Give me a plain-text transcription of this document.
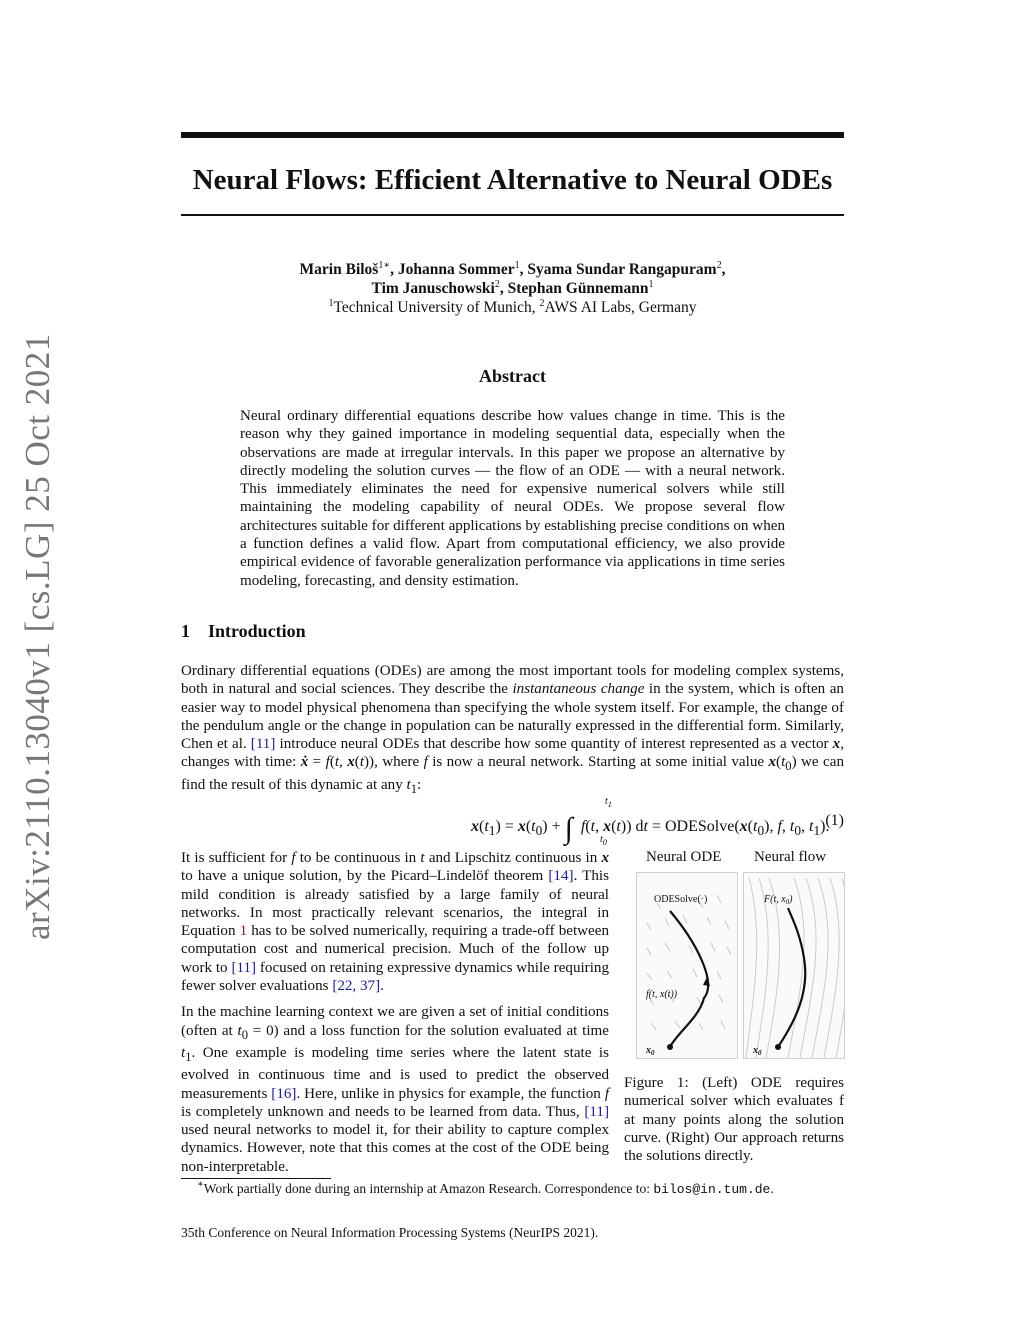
arXiv:2110.13040v1 [cs.LG] 25 Oct 2021
Neural Flows: Efficient Alternative to Neural ODEs
Marin Biloš$^{1∗}$, Johanna Sommer$^1$, Syama Sundar Rangapuram$^2$,
Tim Januschowski$^2$, Stephan Günnemann$^1$
$^1$Technical University of Munich, $^2$AWS AI Labs, Germany
Abstract
Neural ordinary differential equations describe how values change in time. This is the reason why they gained importance in modeling sequential data, especially when the observations are made at irregular intervals. In this paper we propose an alternative by directly modeling the solution curves — the flow of an ODE — with a neural network. This immediately eliminates the need for expensive numerical solvers while still maintaining the modeling capability of neural ODEs. We propose several flow architectures suitable for different applications by establishing precise conditions on when a function defines a valid flow. Apart from computational efficiency, we also provide empirical evidence of favorable generalization performance via applications in time series modeling, forecasting, and density estimation.
1 Introduction
Ordinary differential equations (ODEs) are among the most important tools for modeling complex systems, both in natural and social sciences. They describe the instantaneous change in the system, which is often an easier way to model physical phenomena than specifying the whole system itself. For example, the change of the pendulum angle or the change in population can be naturally expressed in the differential form. Similarly, Chen et al. [11] introduce neural ODEs that describe how some quantity of interest represented as a vector x, changes with time: ẋ = f(t, x(t)), where f is now a neural network. Starting at some initial value $x(t_0)$ we can find the result of this dynamic at any $t_1$:
$x(t_1) = x(t_0)$ + ∫ f(t, x(t)) dt = $ODESolve(x(t_0)$, f, $t_0$, $t_1$).
$t_1$
$t_0$
(1)

It is sufficient for f to be continuous in t and Lipschitz continuous in x to have a unique solution, by the Picard–Lindelöf theorem [14]. This mild condition is already satisfied by a large family of neural networks. In most practically relevant scenarios, the integral in Equation 1 has to be solved numerically, requiring a trade-off between computation cost and numerical precision. Much of the follow up work to [11] focused on retaining expressive dynamics while requiring fewer solver evaluations [22, 37].

In the machine learning context we are given a set of initial conditions (often at $t_0 = 0$) and a loss function for the solution evaluated at time $t_1$. One example is modeling time series where the latent state is evolved in continuous time and is used to predict the observed measurements [16]. Here, unlike in physics for example, the function f is completely unknown and needs to be learned from data. Thus, [11] used neural networks to model it, for their ability to capture complex dynamics. However, note that this comes at the cost of the ODE being non-interpretable.

Neural ODE Neural flow
ODESolve(·)
f(t, x(t))
$x_0$
F(t, $x_0$)
$x_0$
Figure 1: (Left) ODE requires numerical solver which evaluates f at many points along the solution curve. (Right) Our approach returns the solutions directly.
∗Work partially done during an internship at Amazon Research. Correspondence to: bilos@in.tum.de.
35th Conference on Neural Information Processing Systems (NeurIPS 2021).
